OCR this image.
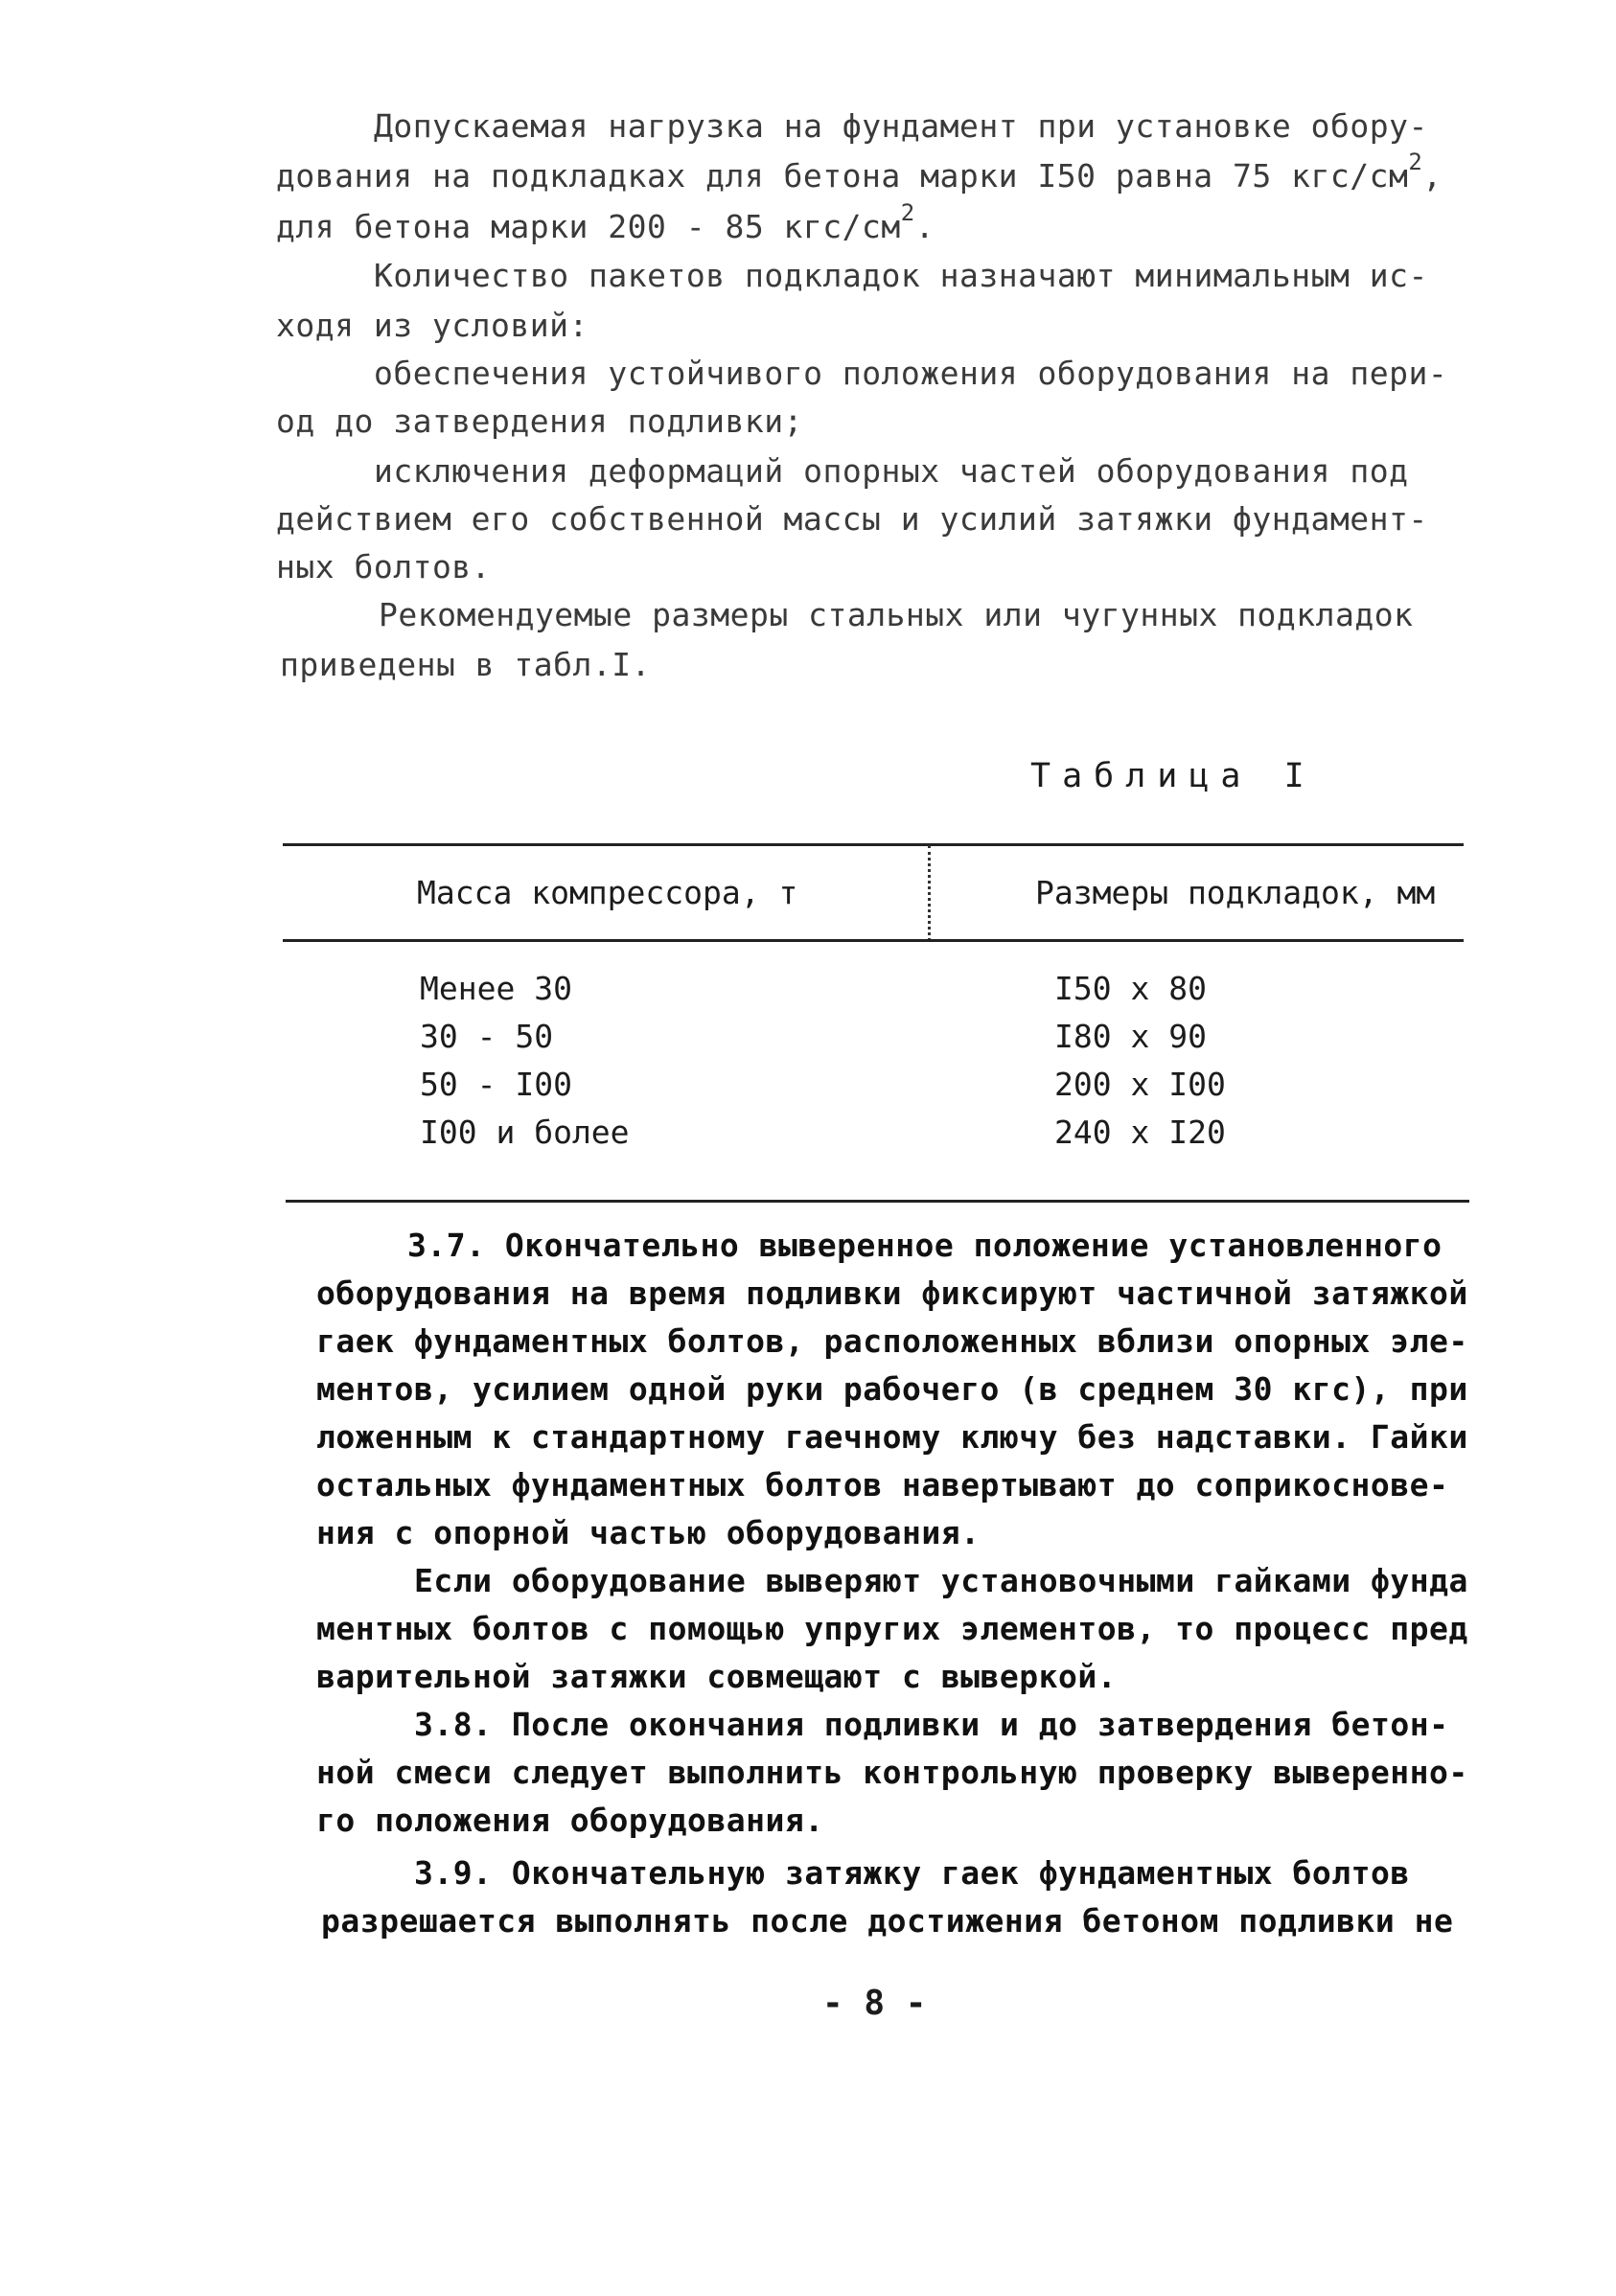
Допускаемая нагрузка на фундамент при установке обору-
дования на подкладках для бетона марки I50 равна 75 кгс/$см^2$,
для бетона марки 200 - 85 кгс/$см^2$.
Количество пакетов подкладок назначают минимальным ис-
ходя из условий:
обеспечения устойчивого положения оборудования на пери-
од до затвердения подливки;
исключения деформаций опорных частей оборудования под
действием его собственной массы и усилий затяжки фундамент-
ных болтов.
Рекомендуемые размеры стальных или чугунных подкладок
приведены в табл.I.
Таблица I
Масса компрессора, т	Размеры подкладок, мм
Менее 30	I50 x 80
30 - 50	I80 x 90
50 - I00	200 x I00
I00 и более	240 x I20
3.7. Окончательно выверенное положение установленного
оборудования на время подливки фиксируют частичной затяжкой
гаек фундаментных болтов, расположенных вблизи опорных эле-
ментов, усилием одной руки рабочего (в среднем 30 кгс), при
ложенным к стандартному гаечному ключу без надставки. Гайки
остальных фундаментных болтов навертывают до соприкоснове-
ния с опорной частью оборудования.
Если оборудование выверяют установочными гайками фунда
ментных болтов с помощью упругих элементов, то процесс пред
варительной затяжки совмещают с выверкой.
3.8. После окончания подливки и до затвердения бетон-
ной смеси следует выполнить контрольную проверку выверенно-
го положения оборудования.
3.9. Окончательную затяжку гаек фундаментных болтов
разрешается выполнять после достижения бетоном подливки не
- 8 -
